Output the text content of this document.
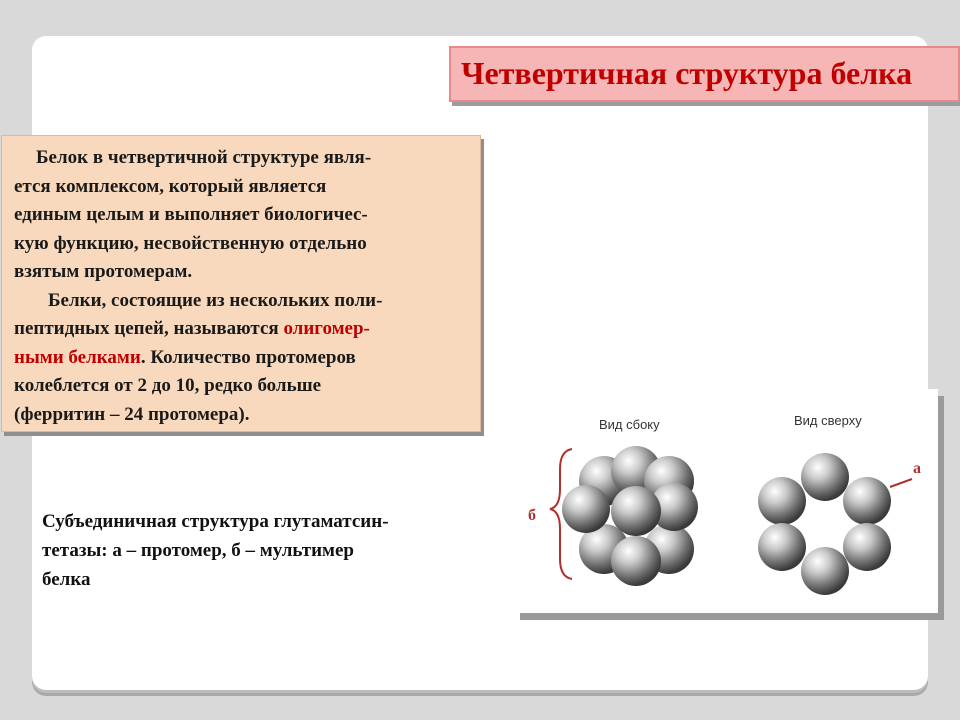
Четвертичная структура белка

Белок в четвертичной структуре явля-
ется комплексом, который является
единым целым и выполняет биологичес-
кую функцию, несвойственную отдельно
взятым протомерам.

Белки, состоящие из нескольких поли-
пептидных цепей, называются олигомер-
ными белками. Количество протомеров
колеблется от 2 до 10, редко больше
(ферритин – 24 протомера).

Субъединичная структура глутаматсин-
тетазы: а – протомер, б – мультимер
белка
Вид сбоку	Вид сверху
б
а
